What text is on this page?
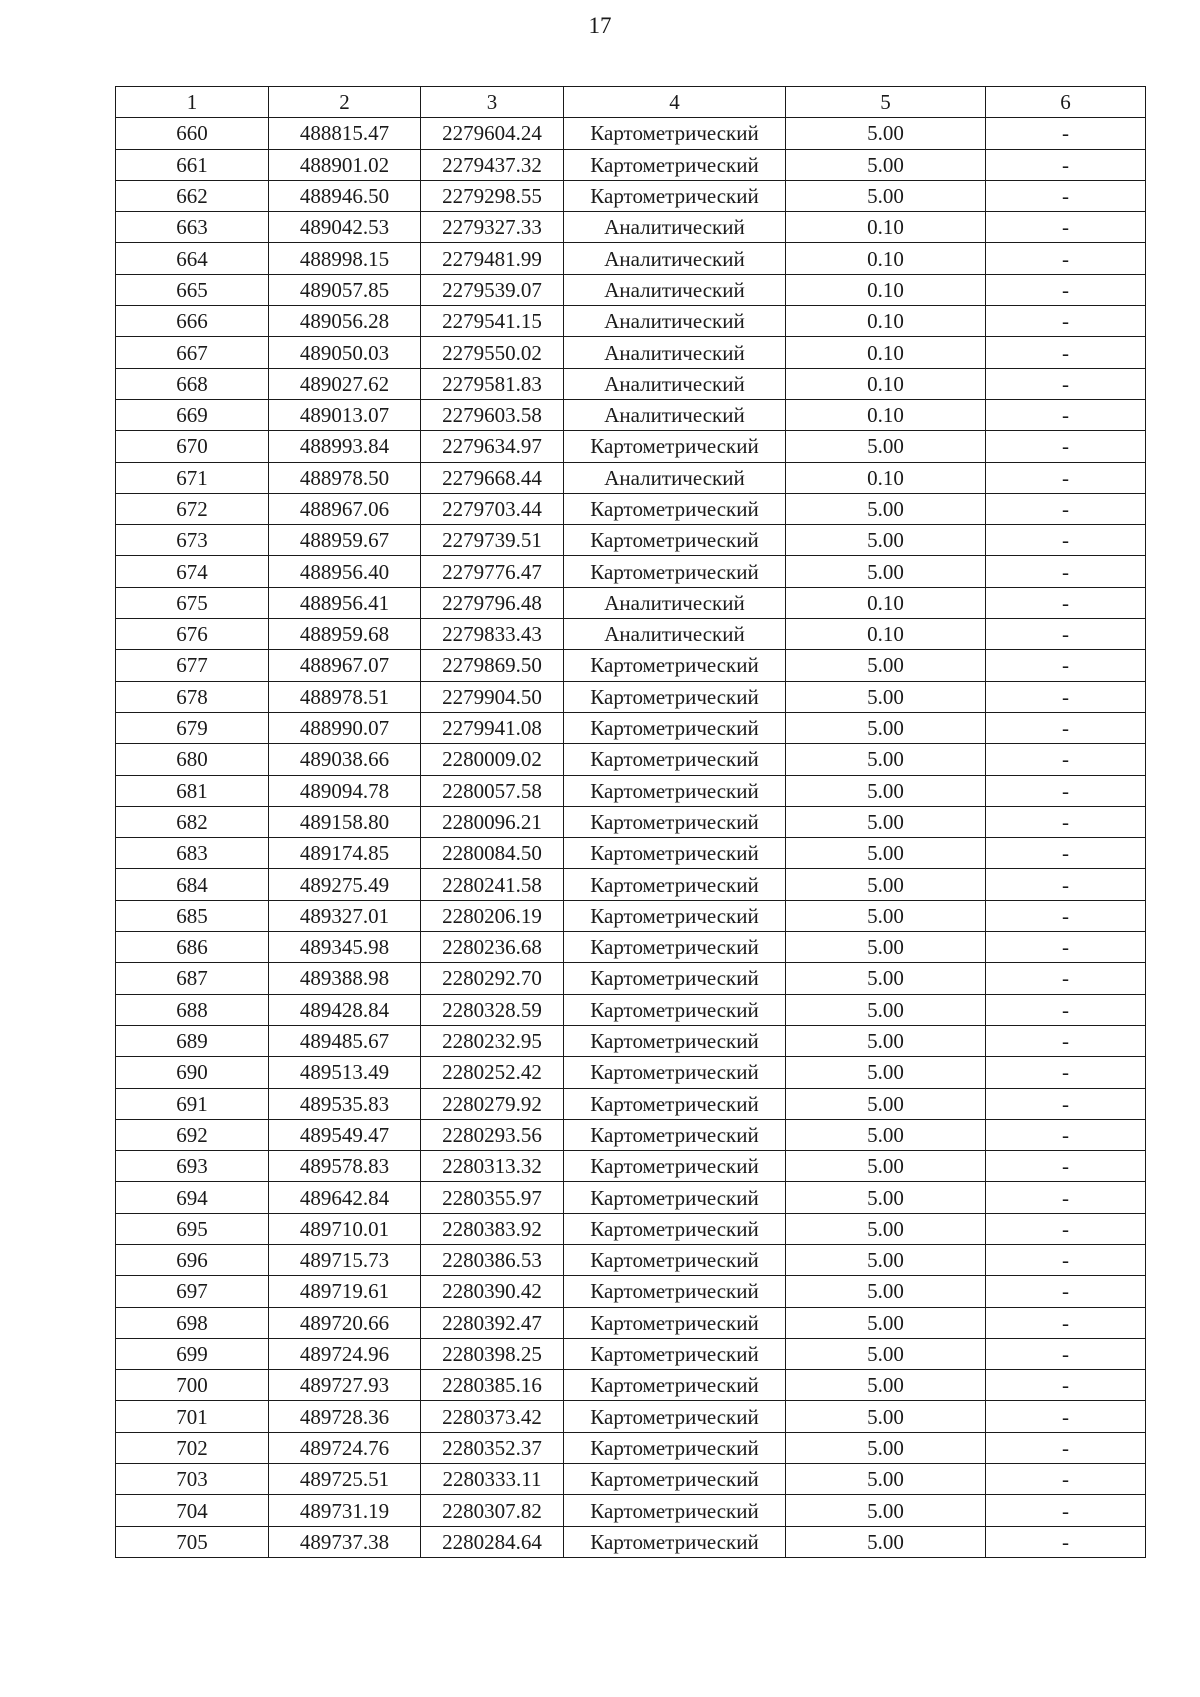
17
1	2	3	4	5	6
660	488815.47	2279604.24	Картометрический	5.00	-
661	488901.02	2279437.32	Картометрический	5.00	-
662	488946.50	2279298.55	Картометрический	5.00	-
663	489042.53	2279327.33	Аналитический	0.10	-
664	488998.15	2279481.99	Аналитический	0.10	-
665	489057.85	2279539.07	Аналитический	0.10	-
666	489056.28	2279541.15	Аналитический	0.10	-
667	489050.03	2279550.02	Аналитический	0.10	-
668	489027.62	2279581.83	Аналитический	0.10	-
669	489013.07	2279603.58	Аналитический	0.10	-
670	488993.84	2279634.97	Картометрический	5.00	-
671	488978.50	2279668.44	Аналитический	0.10	-
672	488967.06	2279703.44	Картометрический	5.00	-
673	488959.67	2279739.51	Картометрический	5.00	-
674	488956.40	2279776.47	Картометрический	5.00	-
675	488956.41	2279796.48	Аналитический	0.10	-
676	488959.68	2279833.43	Аналитический	0.10	-
677	488967.07	2279869.50	Картометрический	5.00	-
678	488978.51	2279904.50	Картометрический	5.00	-
679	488990.07	2279941.08	Картометрический	5.00	-
680	489038.66	2280009.02	Картометрический	5.00	-
681	489094.78	2280057.58	Картометрический	5.00	-
682	489158.80	2280096.21	Картометрический	5.00	-
683	489174.85	2280084.50	Картометрический	5.00	-
684	489275.49	2280241.58	Картометрический	5.00	-
685	489327.01	2280206.19	Картометрический	5.00	-
686	489345.98	2280236.68	Картометрический	5.00	-
687	489388.98	2280292.70	Картометрический	5.00	-
688	489428.84	2280328.59	Картометрический	5.00	-
689	489485.67	2280232.95	Картометрический	5.00	-
690	489513.49	2280252.42	Картометрический	5.00	-
691	489535.83	2280279.92	Картометрический	5.00	-
692	489549.47	2280293.56	Картометрический	5.00	-
693	489578.83	2280313.32	Картометрический	5.00	-
694	489642.84	2280355.97	Картометрический	5.00	-
695	489710.01	2280383.92	Картометрический	5.00	-
696	489715.73	2280386.53	Картометрический	5.00	-
697	489719.61	2280390.42	Картометрический	5.00	-
698	489720.66	2280392.47	Картометрический	5.00	-
699	489724.96	2280398.25	Картометрический	5.00	-
700	489727.93	2280385.16	Картометрический	5.00	-
701	489728.36	2280373.42	Картометрический	5.00	-
702	489724.76	2280352.37	Картометрический	5.00	-
703	489725.51	2280333.11	Картометрический	5.00	-
704	489731.19	2280307.82	Картометрический	5.00	-
705	489737.38	2280284.64	Картометрический	5.00	-
